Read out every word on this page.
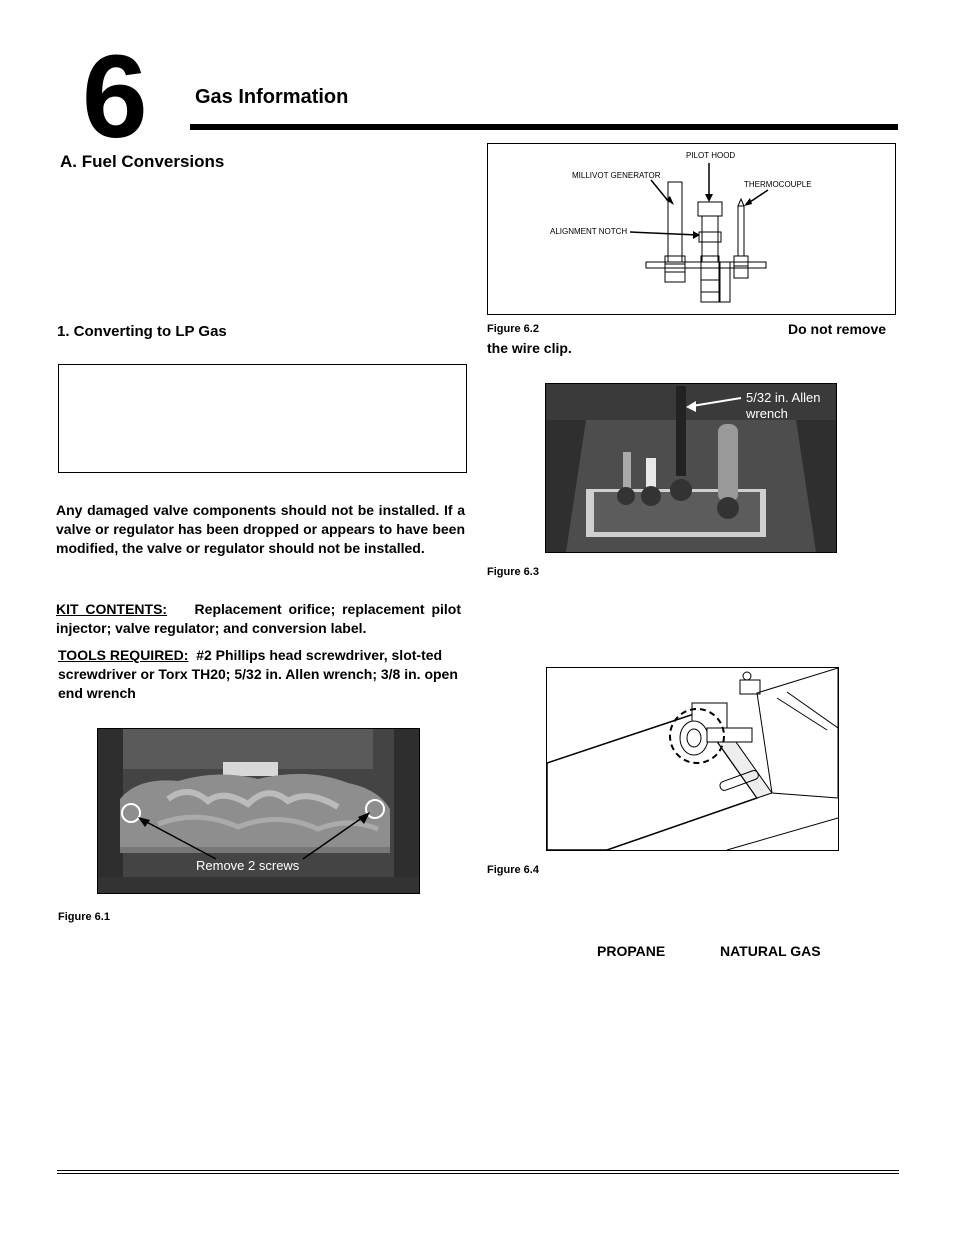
6 Gas Information
A. Fuel Conversions
1. Converting to LP Gas
Any damaged valve components should not be installed. If a valve or regulator has been dropped or appears to have been modified, the valve or regulator should not be installed.
KIT CONTENTS: Replacement orifice; replacement pilot injector; valve regulator; and conversion label.
TOOLS REQUIRED: #2 Phillips head screwdriver, slot-ted screwdriver or Torx TH20; 5/32 in. Allen wrench; 3/8 in. open end wrench
Remove 2 screws
Figure 6.1
PILOT HOOD
MILLIVOT GENERATOR
THERMOCOUPLE
ALIGNMENT NOTCH
Figure 6.2	Do not remove
the wire clip.
5/32 in. Allen
wrench
Figure 6.3
Figure 6.4
PROPANE	NATURAL GAS
